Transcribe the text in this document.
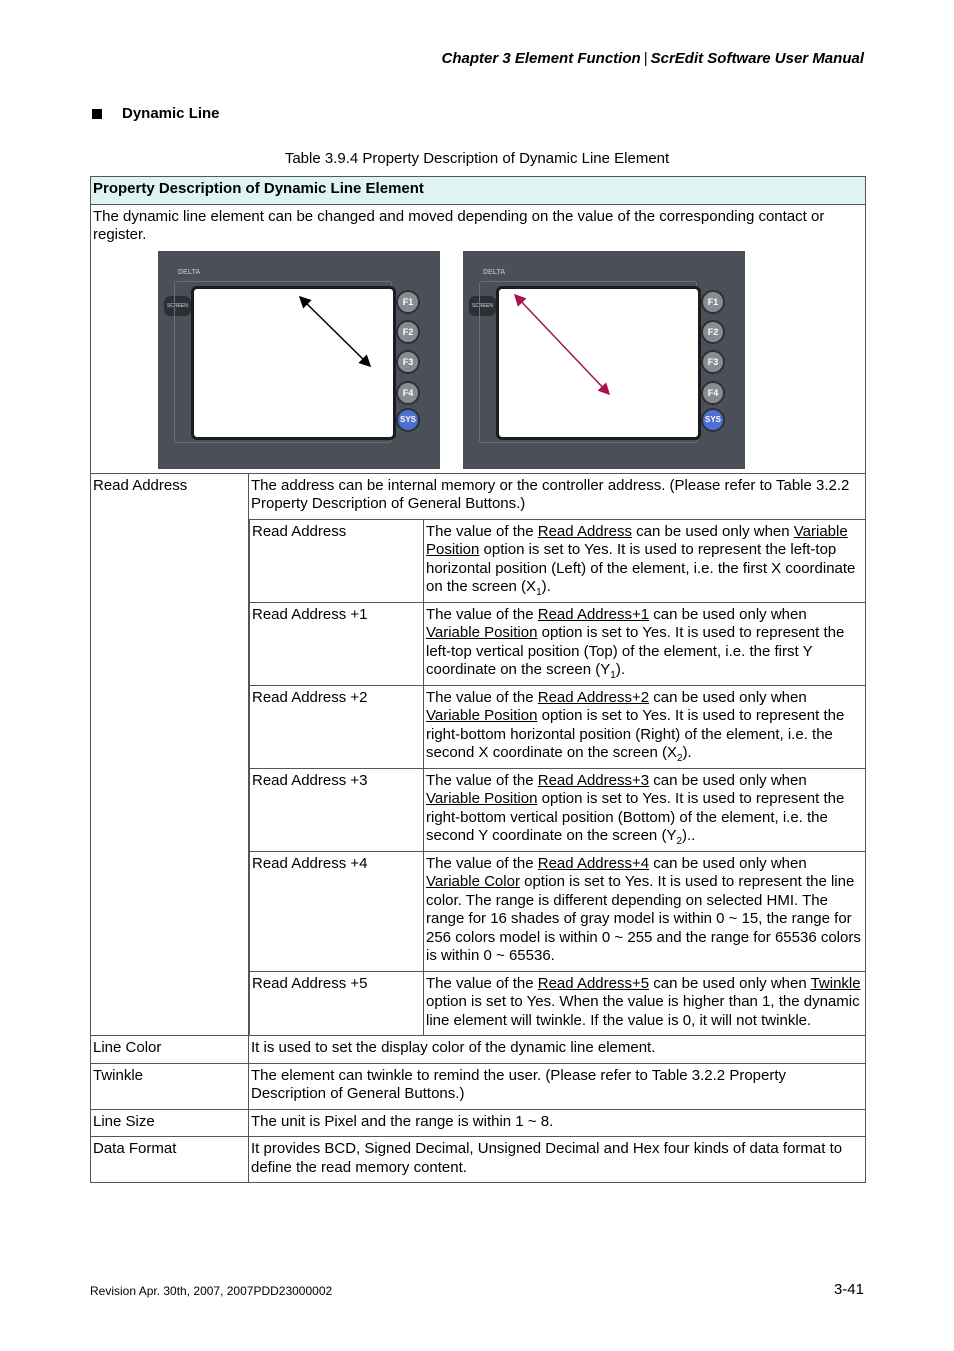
Chapter 3 Element Function | ScrEdit Software User Manual
Dynamic Line
Table 3.9.4 Property Description of Dynamic Line Element
Property Description of Dynamic Line Element

The dynamic line element can be changed and moved depending on the value of the corresponding contact or register.
DELTA
SCREEN	F1
F2
F3
F4
SYS
DELTA
SCREEN	F1
F2
F3
F4
SYS

Read Address	The address can be internal memory or the controller address. (Please refer to Table 3.2.2 Property Description of General Buttons.)
Read Address	The value of the Read Address can be used only when Variable Position option is set to Yes. It is used to represent the left-top horizontal position (Left) of the element, i.e. the first X coordinate on the screen $(X_1)$.
Read Address +1	The value of the Read Address+1 can be used only when Variable Position option is set to Yes. It is used to represent the left-top vertical position (Top) of the element, i.e. the first Y coordinate on the screen $(Y_1)$.
Read Address +2	The value of the Read Address+2 can be used only when Variable Position option is set to Yes. It is used to represent the right-bottom horizontal position (Right) of the element, i.e. the second X coordinate on the screen $(X_2)$.
Read Address +3	The value of the Read Address+3 can be used only when Variable Position option is set to Yes. It is used to represent the right-bottom vertical position (Bottom) of the element, i.e. the second Y coordinate on the screen $(Y_2)$..
Read Address +4	The value of the Read Address+4 can be used only when Variable Color option is set to Yes. It is used to represent the line color. The range is different depending on selected HMI. The range for 16 shades of gray model is within 0 ~ 15, the range for 256 colors model is within 0 ~ 255 and the range for 65536 colors is within 0 ~ 65536.
Read Address +5	The value of the Read Address+5 can be used only when Twinkle option is set to Yes. When the value is higher than 1, the dynamic line element will twinkle. If the value is 0, it will not twinkle.

Line Color	It is used to set the display color of the dynamic line element.
Twinkle	The element can twinkle to remind the user. (Please refer to Table 3.2.2 Property Description of General Buttons.)
Line Size	The unit is Pixel and the range is within 1 ~ 8.
Data Format	It provides BCD, Signed Decimal, Unsigned Decimal and Hex four kinds of data format to define the read memory content.
Revision Apr. 30th, 2007, 2007PDD23000002	3-41
